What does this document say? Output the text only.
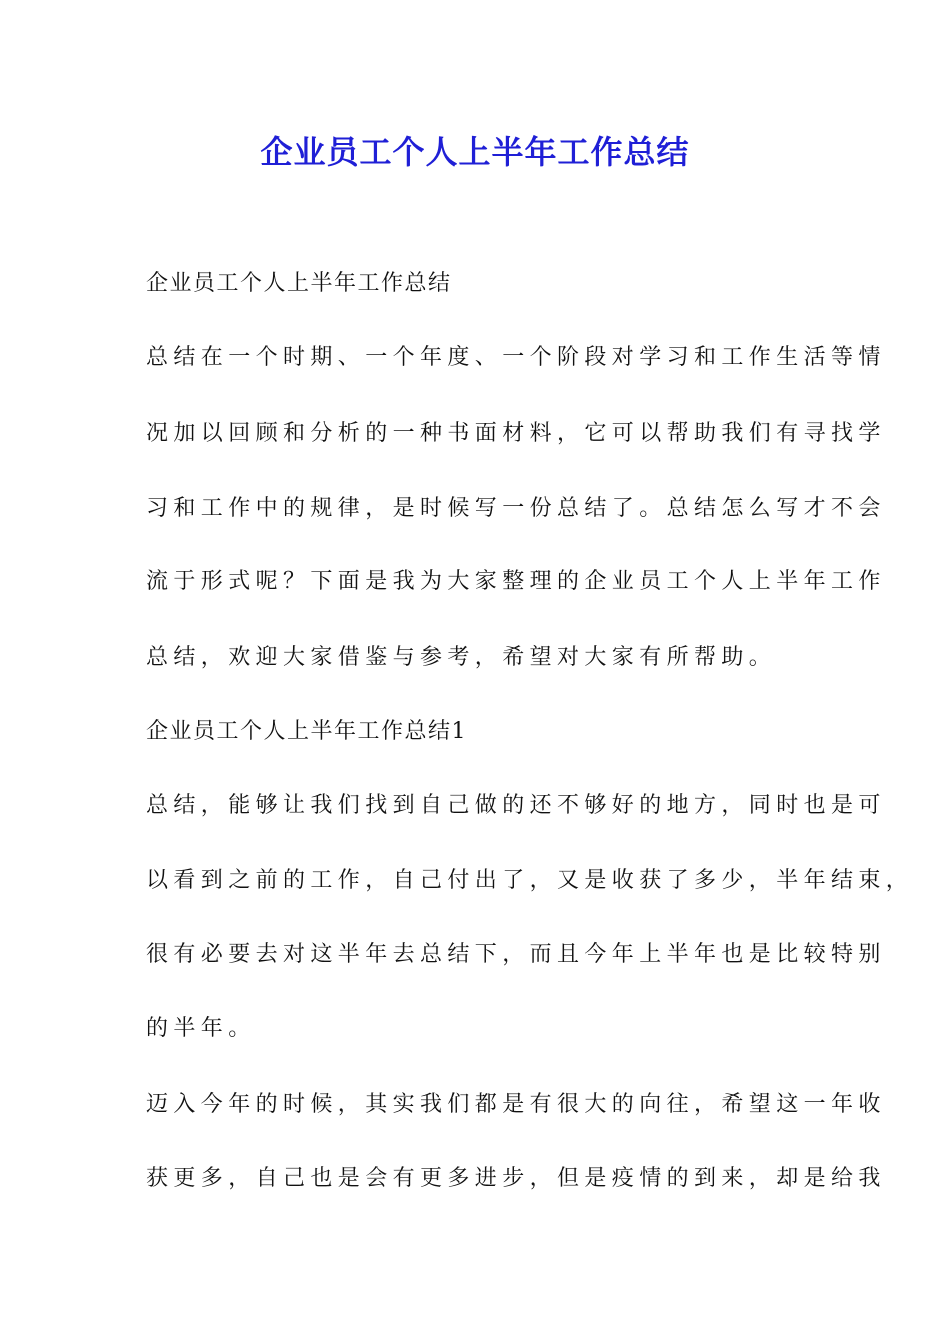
企业员工个人上半年工作总结
企业员工个人上半年工作总结
总结在一个时期、一个年度、一个阶段对学习和工作生活等情
况加以回顾和分析的一种书面材料，它可以帮助我们有寻找学
习和工作中的规律，是时候写一份总结了。总结怎么写才不会
流于形式呢？下面是我为大家整理的企业员工个人上半年工作
总结，欢迎大家借鉴与参考，希望对大家有所帮助。
企业员工个人上半年工作总结1
总结，能够让我们找到自己做的还不够好的地方，同时也是可
以看到之前的工作，自己付出了，又是收获了多少，半年结束，
很有必要去对这半年去总结下，而且今年上半年也是比较特别
的半年。
迈入今年的时候，其实我们都是有很大的向往，希望这一年收
获更多，自己也是会有更多进步，但是疫情的到来，却是给我
